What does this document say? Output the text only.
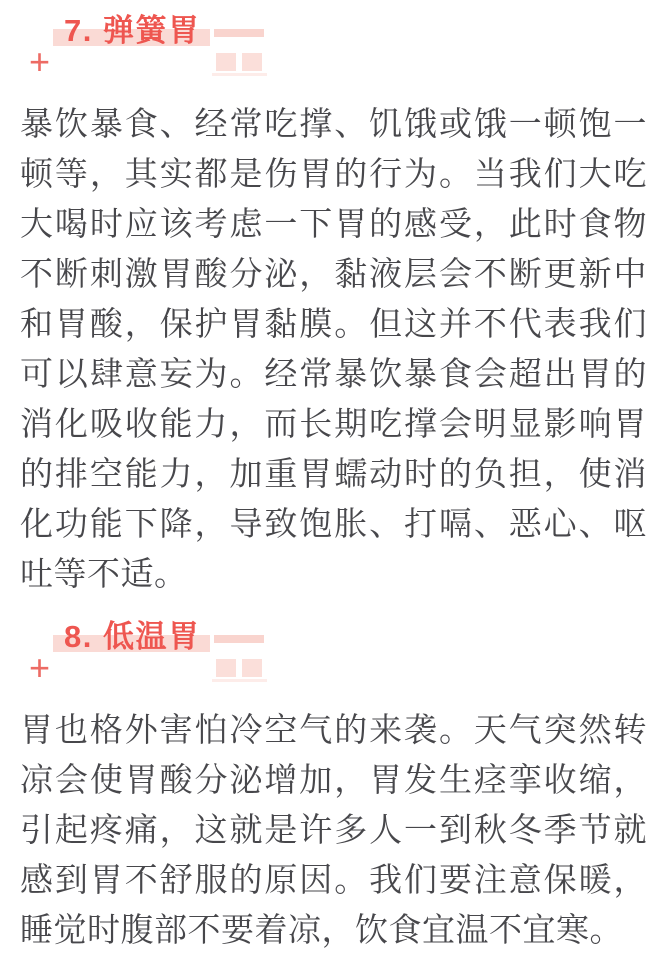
7. 弹簧胃
+

暴饮暴食、经常吃撑、饥饿或饿一顿饱一顿等，其实都是伤胃的行为。当我们大吃大喝时应该考虑一下胃的感受，此时食物不断刺激胃酸分泌，黏液层会不断更新中和胃酸，保护胃黏膜。但这并不代表我们可以肆意妄为。经常暴饮暴食会超出胃的消化吸收能力，而长期吃撑会明显影响胃的排空能力，加重胃蠕动时的负担，使消化功能下降，导致饱胀、打嗝、恶心、呕吐等不适。

8. 低温胃
+

胃也格外害怕冷空气的来袭。天气突然转凉会使胃酸分泌增加，胃发生痉挛收缩，引起疼痛，这就是许多人一到秋冬季节就感到胃不舒服的原因。我们要注意保暖，睡觉时腹部不要着凉，饮食宜温不宜寒。
